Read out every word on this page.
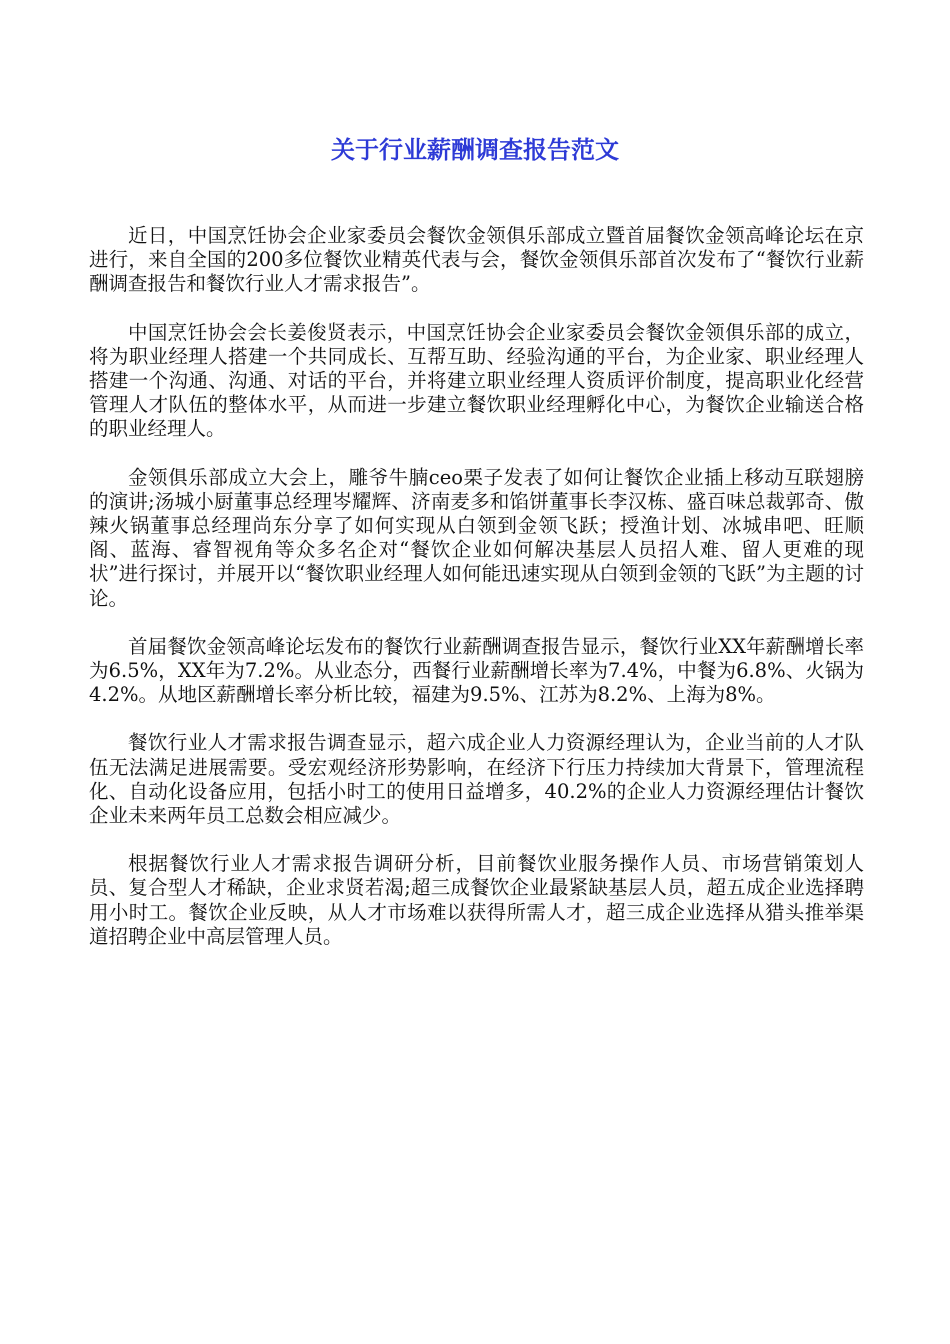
关于行业薪酬调查报告范文

近日，中国烹饪协会企业家委员会餐饮金领俱乐部成立暨首届餐饮金领高峰论坛在京进行，来自全国的200多位餐饮业精英代表与会，餐饮金领俱乐部首次发布了“餐饮行业薪酬调查报告和餐饮行业人才需求报告”。

中国烹饪协会会长姜俊贤表示，中国烹饪协会企业家委员会餐饮金领俱乐部的成立，将为职业经理人搭建一个共同成长、互帮互助、经验沟通的平台，为企业家、职业经理人搭建一个沟通、沟通、对话的平台，并将建立职业经理人资质评价制度，提高职业化经营管理人才队伍的整体水平，从而进一步建立餐饮职业经理孵化中心，为餐饮企业输送合格的职业经理人。

金领俱乐部成立大会上，雕爷牛腩ceo栗子发表了如何让餐饮企业插上移动互联翅膀的演讲;汤城小厨董事总经理岑耀辉、济南麦多和馅饼董事长李汉栋、盛百味总裁郭奇、傲辣火锅董事总经理尚东分享了如何实现从白领到金领飞跃；授渔计划、冰城串吧、旺顺阁、蓝海、睿智视角等众多名企对“餐饮企业如何解决基层人员招人难、留人更难的现状”进行探讨，并展开以“餐饮职业经理人如何能迅速实现从白领到金领的飞跃”为主题的讨论。

首届餐饮金领高峰论坛发布的餐饮行业薪酬调查报告显示，餐饮行业XX年薪酬增长率为6.5%，XX年为7.2%。从业态分，西餐行业薪酬增长率为7.4%，中餐为6.8%、火锅为4.2%。从地区薪酬增长率分析比较，福建为9.5%、江苏为8.2%、上海为8%。

餐饮行业人才需求报告调查显示，超六成企业人力资源经理认为，企业当前的人才队伍无法满足进展需要。受宏观经济形势影响，在经济下行压力持续加大背景下，管理流程化、自动化设备应用，包括小时工的使用日益增多，40.2%的企业人力资源经理估计餐饮企业未来两年员工总数会相应减少。

根据餐饮行业人才需求报告调研分析，目前餐饮业服务操作人员、市场营销策划人员、复合型人才稀缺，企业求贤若渴;超三成餐饮企业最紧缺基层人员，超五成企业选择聘用小时工。餐饮企业反映，从人才市场难以获得所需人才，超三成企业选择从猎头推举渠道招聘企业中高层管理人员。
